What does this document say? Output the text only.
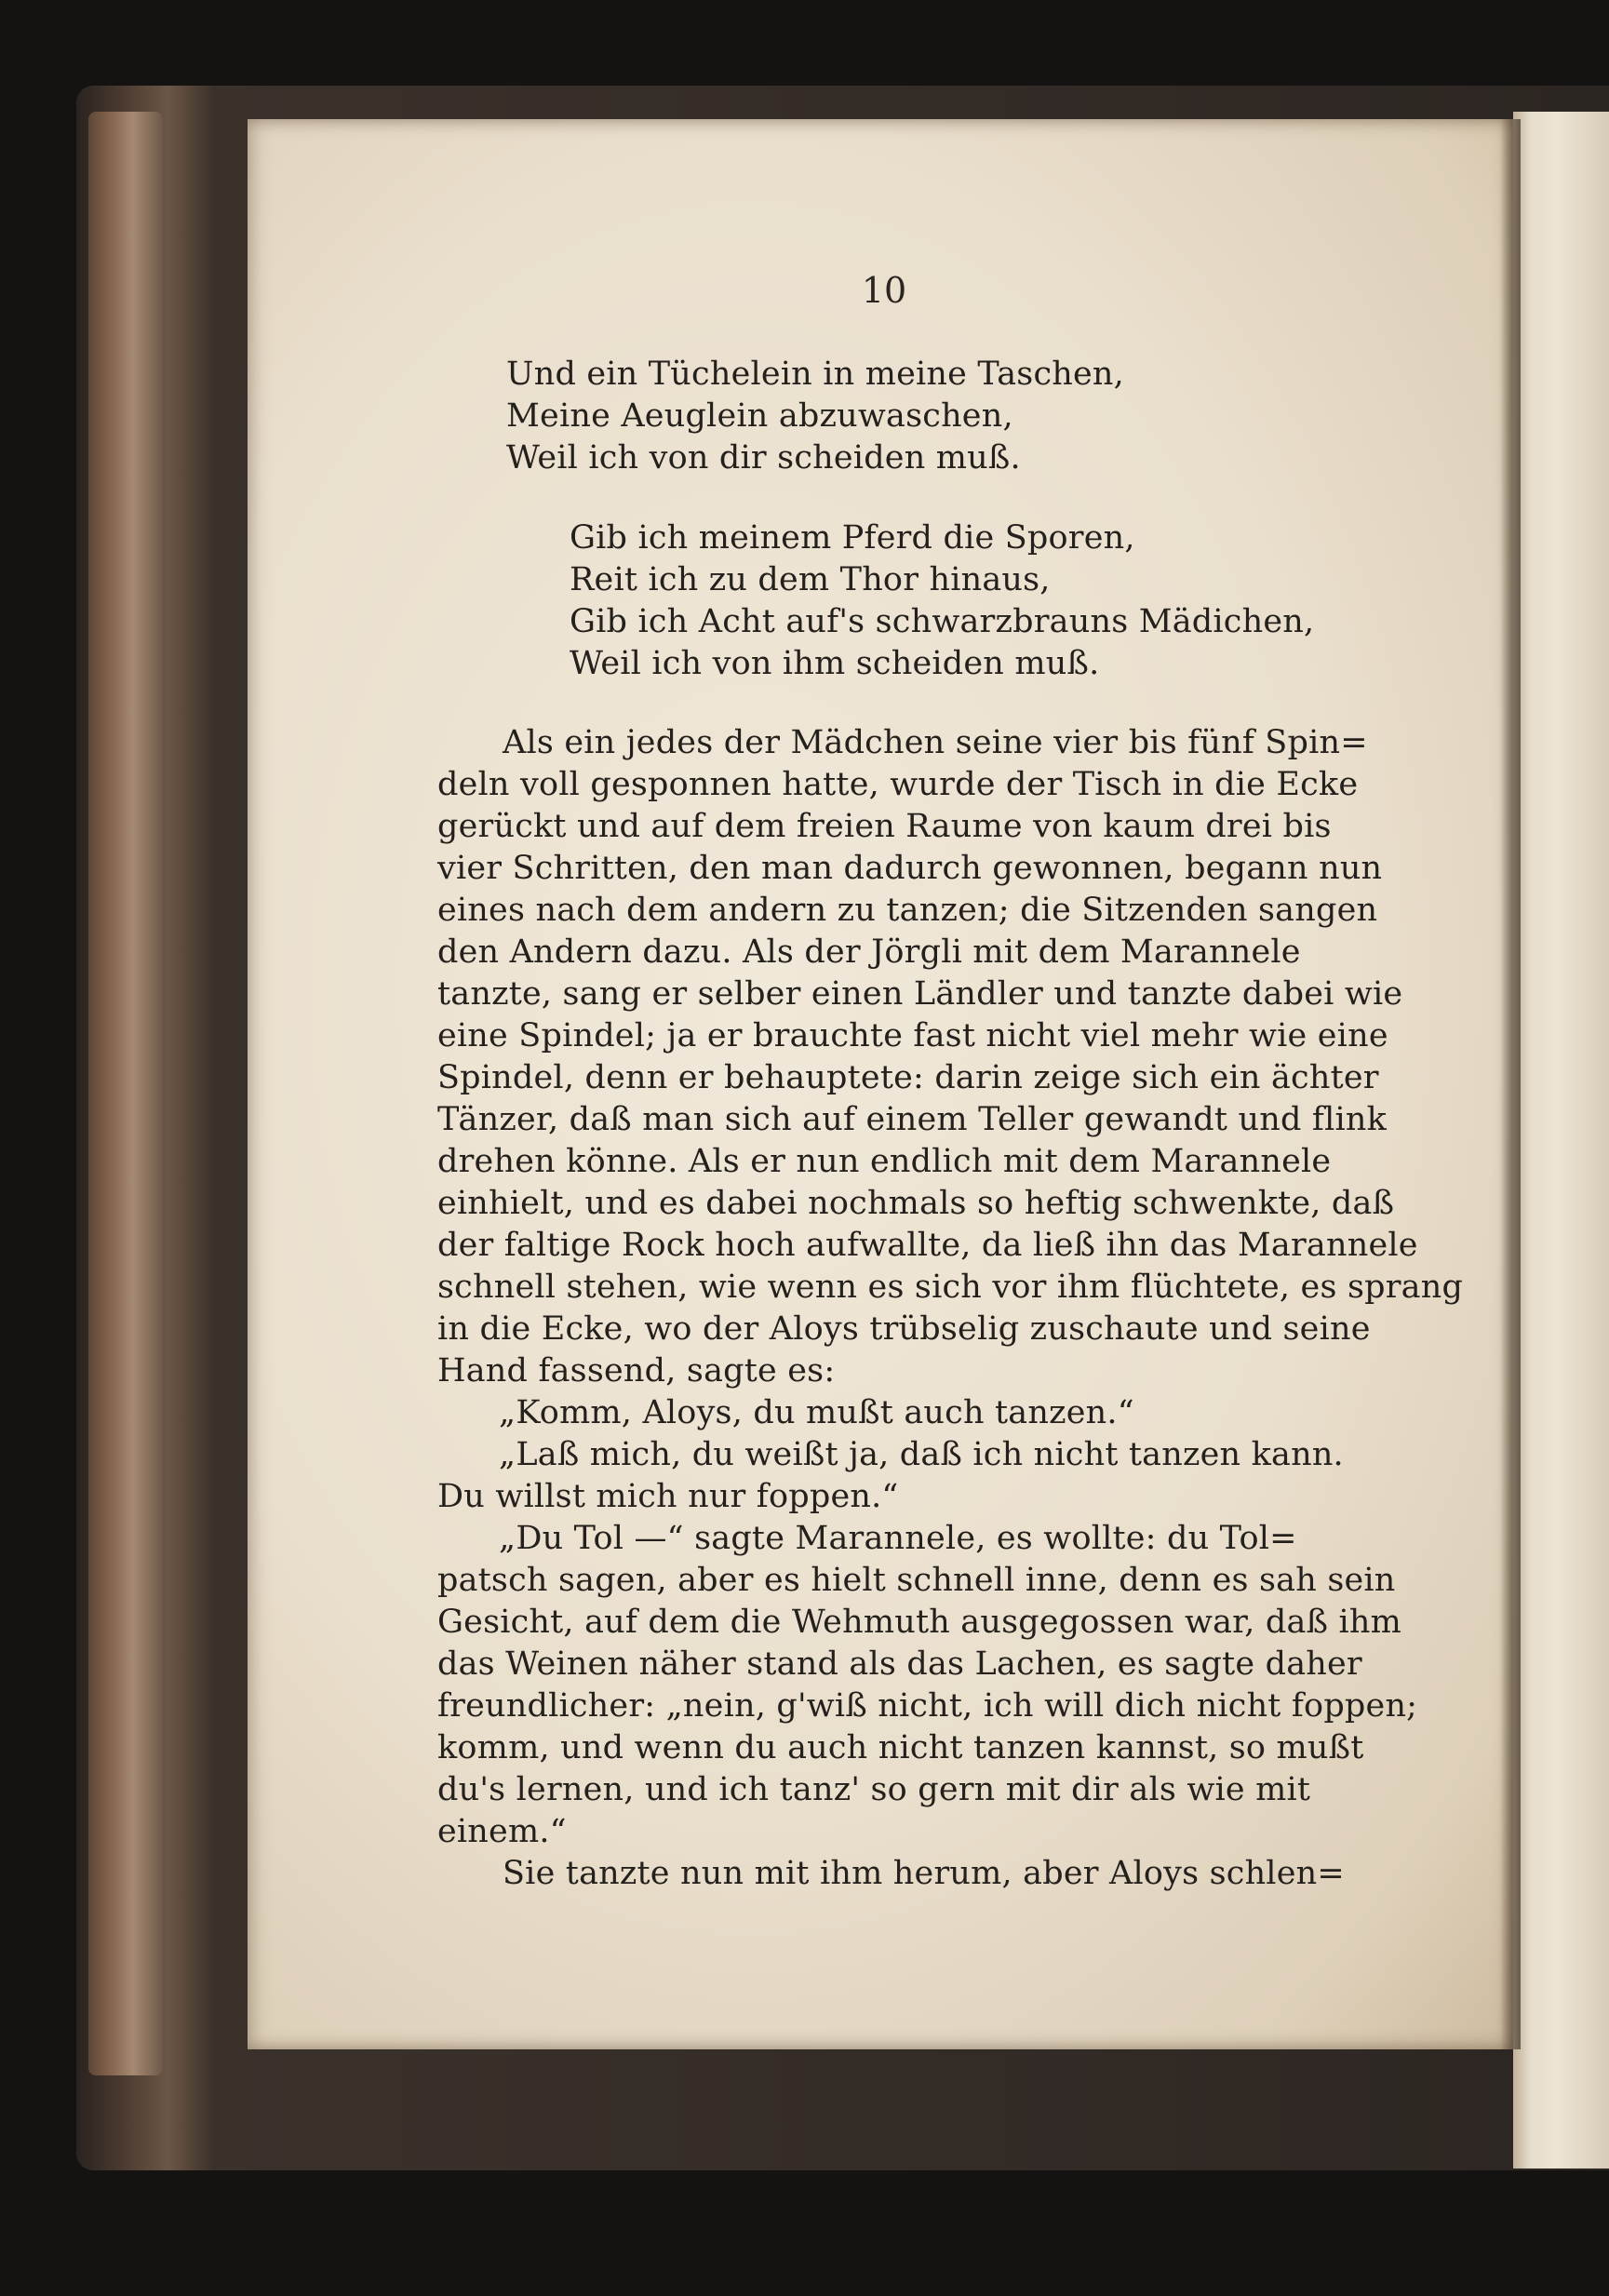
10
Und ein Tüchelein in meine Taschen,
Meine Aeuglein abzuwaschen,
Weil ich von dir scheiden muß.
Gib ich meinem Pferd die Sporen,
Reit ich zu dem Thor hinaus,
Gib ich Acht auf's schwarzbrauns Mädichen,
Weil ich von ihm scheiden muß.
Als ein jedes der Mädchen seine vier bis fünf Spin=
deln voll gesponnen hatte, wurde der Tisch in die Ecke
gerückt und auf dem freien Raume von kaum drei bis
vier Schritten, den man dadurch gewonnen, begann nun
eines nach dem andern zu tanzen; die Sitzenden sangen
den Andern dazu. Als der Jörgli mit dem Marannele
tanzte, sang er selber einen Ländler und tanzte dabei wie
eine Spindel; ja er brauchte fast nicht viel mehr wie eine
Spindel, denn er behauptete: darin zeige sich ein ächter
Tänzer, daß man sich auf einem Teller gewandt und flink
drehen könne. Als er nun endlich mit dem Marannele
einhielt, und es dabei nochmals so heftig schwenkte, daß
der faltige Rock hoch aufwallte, da ließ ihn das Marannele
schnell stehen, wie wenn es sich vor ihm flüchtete, es sprang
in die Ecke, wo der Aloys trübselig zuschaute und seine
Hand fassend, sagte es:
„Komm, Aloys, du mußt auch tanzen.“
„Laß mich, du weißt ja, daß ich nicht tanzen kann.
Du willst mich nur foppen.“
„Du Tol —“ sagte Marannele, es wollte: du Tol=
patsch sagen, aber es hielt schnell inne, denn es sah sein
Gesicht, auf dem die Wehmuth ausgegossen war, daß ihm
das Weinen näher stand als das Lachen, es sagte daher
freundlicher: „nein, g'wiß nicht, ich will dich nicht foppen;
komm, und wenn du auch nicht tanzen kannst, so mußt
du's lernen, und ich tanz' so gern mit dir als wie mit
einem.“
Sie tanzte nun mit ihm herum, aber Aloys schlen=
